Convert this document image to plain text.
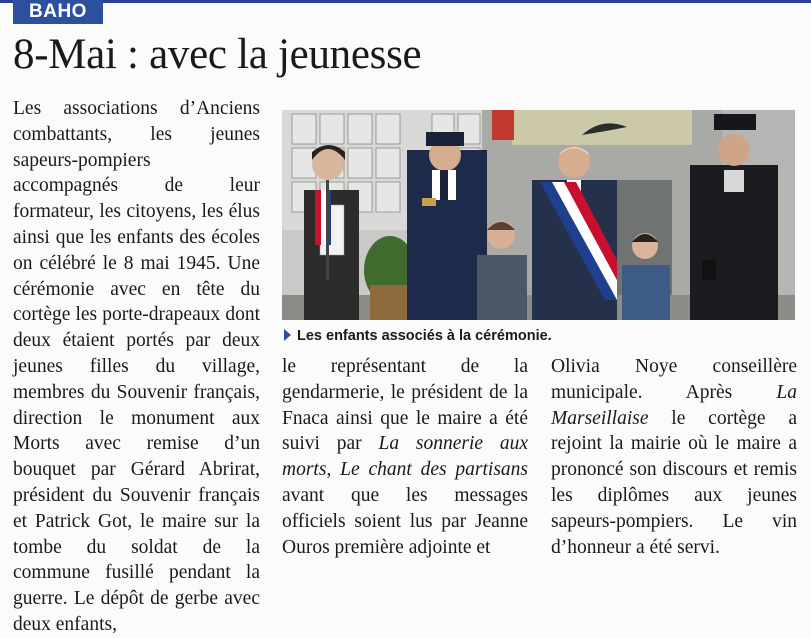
BAHO
8-Mai : avec la jeunesse

Les associations d’Anciens combattants, les jeunes sapeurs-pompiers accompagnés de leur formateur, les citoyens, les élus ainsi que les enfants des écoles on célébré le 8 mai 1945. Une cérémonie avec en tête du cortège les porte-drapeaux dont deux étaient portés par deux jeunes filles du village, membres du Souvenir français, direction le monument aux Morts avec remise d’un bouquet par Gérard Abrirat, président du Souvenir français et Patrick Got, le maire sur la tombe du soldat de la commune fusillé pendant la guerre. Le dépôt de gerbe avec deux enfants,

Les enfants associés à la cérémonie.

le représentant de la gendarmerie, le président de la Fnaca ainsi que le maire a été suivi par La sonnerie aux morts, Le chant des partisans avant que les messages officiels soient lus par Jeanne Ouros première adjointe et

Olivia Noye conseillère municipale. Après La Marseillaise le cortège a rejoint la mairie où le maire a prononcé son discours et remis les diplômes aux jeunes sapeurs-pompiers. Le vin d’honneur a été servi.
